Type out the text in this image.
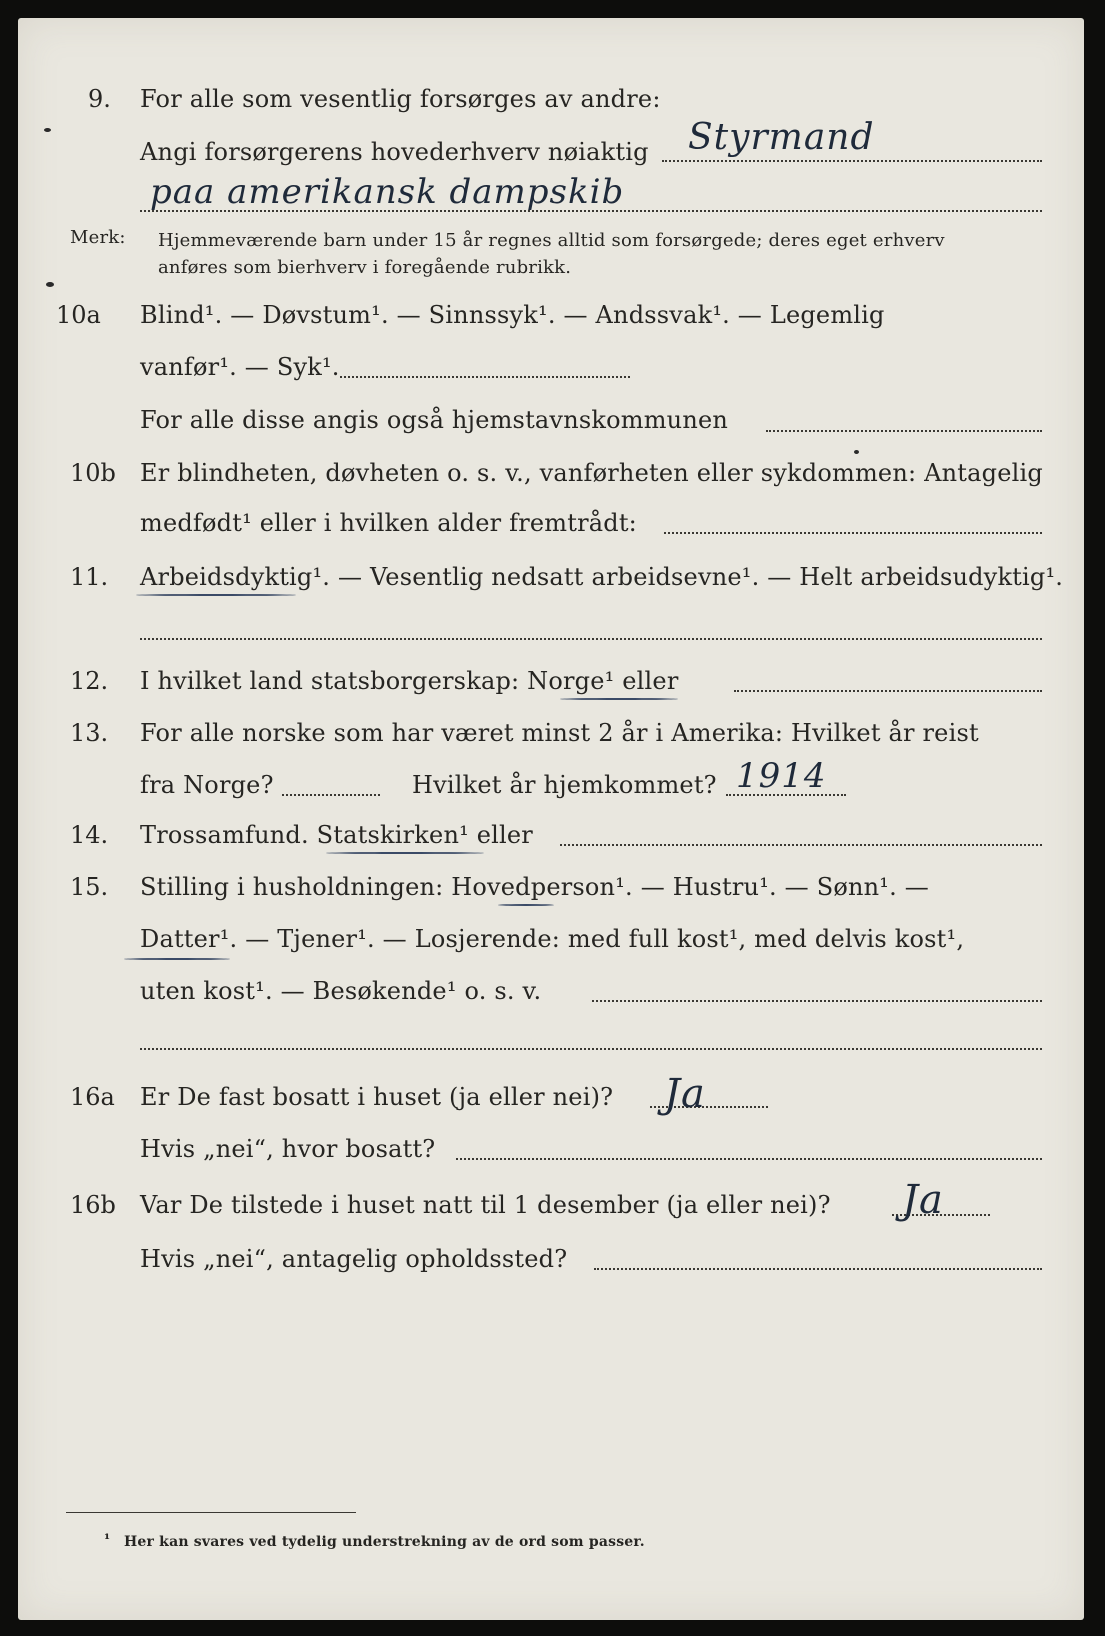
9. For alle som vesentlig forsørges av andre:
Angi forsørgerens hovederhverv nøiaktig Styrmand
paa amerikansk dampskib
Merk: Hjemmeværende barn under 15 år regnes alltid som forsørgede; deres eget erhverv
anføres som bierhverv i foregående rubrikk.
10a Blind¹. — Døvstum¹. — Sinnssyk¹. — Andssvak¹. — Legemlig
vanfør¹. — Syk¹.
For alle disse angis også hjemstavnskommunen
10b Er blindheten, døvheten o. s. v., vanførheten eller sykdommen: Antagelig
medfødt¹ eller i hvilken alder fremtrådt:
11. Arbeidsdyktig¹. — Vesentlig nedsatt arbeidsevne¹. — Helt arbeidsudyktig¹.
12. I hvilket land statsborgerskap: Norge¹ eller
13. For alle norske som har været minst 2 år i Amerika: Hvilket år reist
fra Norge?	Hvilket år hjemkommet? 1914
14. Trossamfund. Statskirken¹ eller
15. Stilling i husholdningen: Hovedperson¹. — Hustru¹. — Sønn¹. —
Datter¹. — Tjener¹. — Losjerende: med full kost¹, med delvis kost¹,
uten kost¹. — Besøkende¹ o. s. v.
16a Er De fast bosatt i huset (ja eller nei)? Ja
Hvis „nei“, hvor bosatt?
16b Var De tilstede i huset natt til 1 desember (ja eller nei)? Ja
Hvis „nei“, antagelig opholdssted?
¹ Her kan svares ved tydelig understrekning av de ord som passer.
